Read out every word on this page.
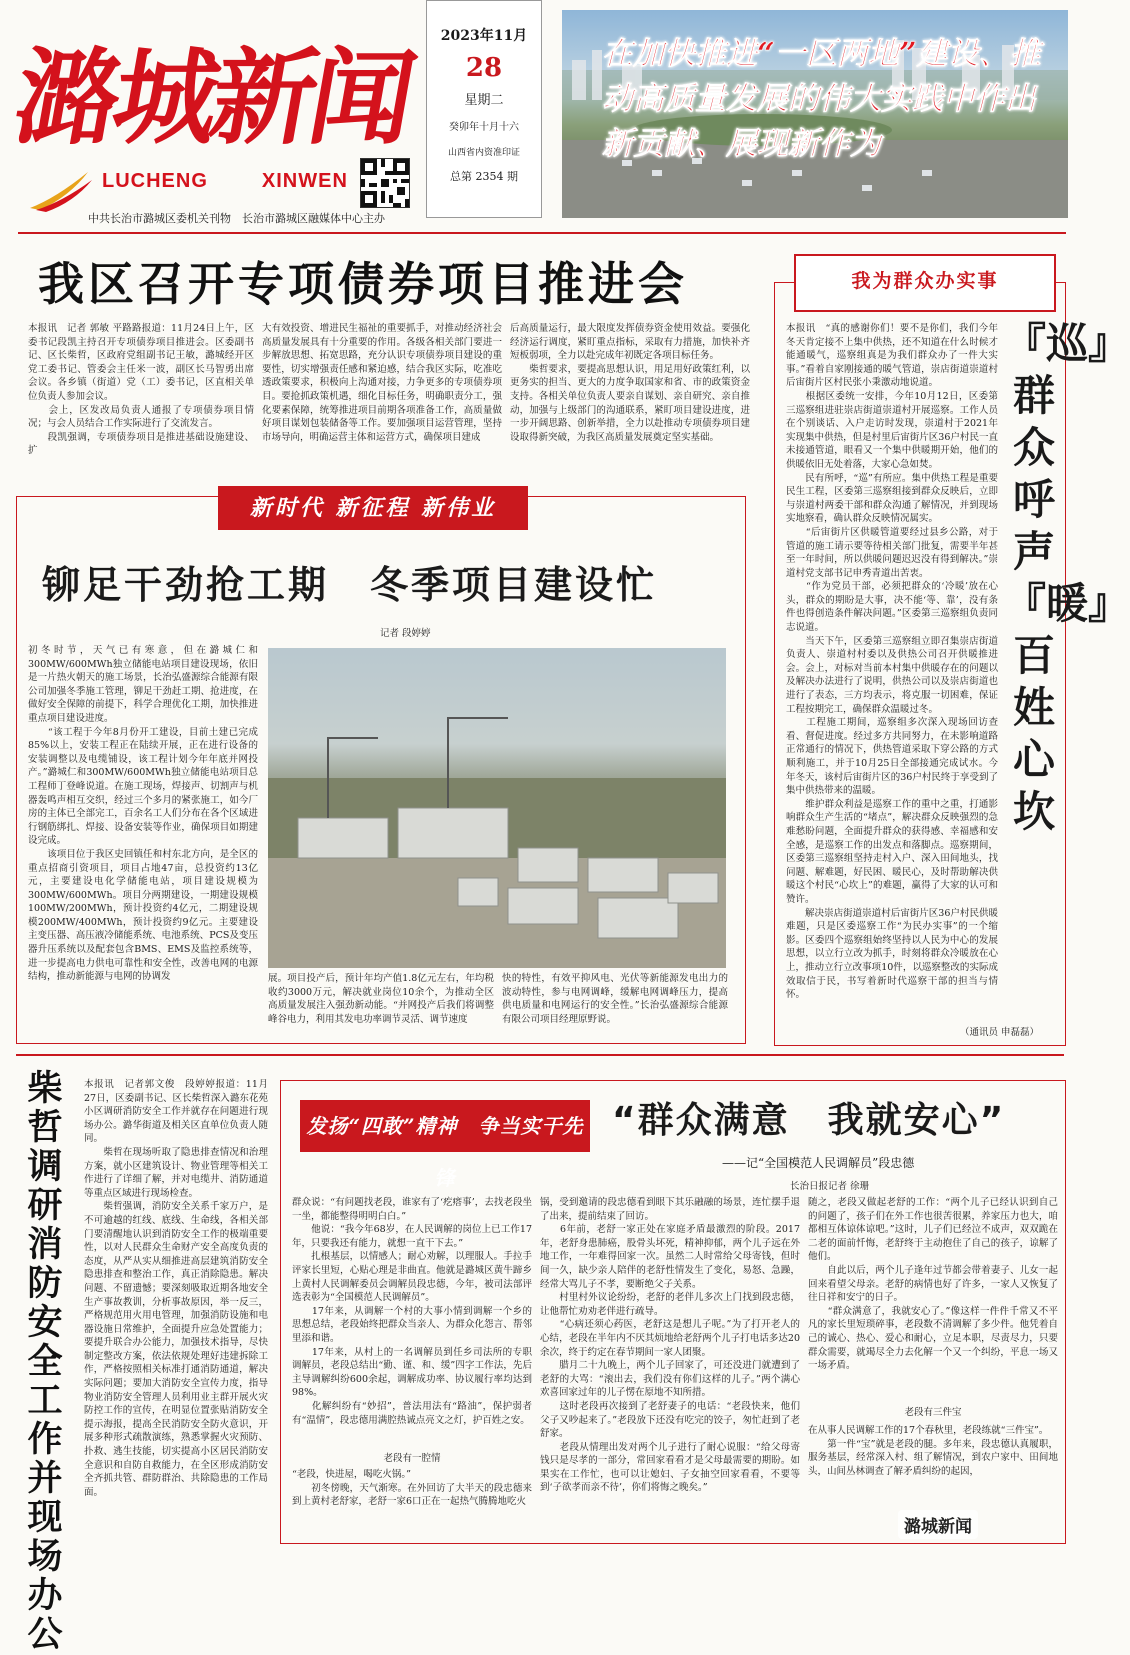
潞
城
新
闻
LUCHENG	XINWEN
中共长治市潞城区委机关刊物　长治市潞城区融媒体中心主办
2023年11月
28
星期二
癸卯年十月十六
山西省内资准印证
总第 2354 期
在加快推进“一区两地”建设、推动高质量发展的伟大实践中作出新贡献、展现新作为
我区召开专项债券项目推进会
本报讯　记者 郭敏 平路路报道：11月24日上午，区委书记段凯主持召开专项债券项目推进会。区委副书记、区长柴哲，区政府党组副书记王敏，潞城经开区党工委书记、管委会主任米一波，副区长马智勇出席会议。各乡镇（街道）党（工）委书记，区直相关单位负责人参加会议。
　　会上，区发改局负责人通报了专项债券项目情况；与会人员结合工作实际进行了交流发言。
　　段凯强调，专项债券项目是推进基础设施建设、扩
大有效投资、增进民生福祉的重要抓手，对推动经济社会高质量发展具有十分重要的作用。各级各相关部门要进一步解放思想、拓宽思路，充分认识专项债券项目建设的重要性，切实增强责任感和紧迫感，结合我区实际，吃准吃透政策要求，积极向上沟通对接，力争更多的专项债券项目。要抢抓政策机遇，细化目标任务，明确职责分工，强化要素保障，统筹推进项目前期各项准备工作，高质量做好项目谋划包装储备等工作。要加强项目运营管理，坚持市场导向，明确运营主体和运营方式，确保项目建成
后高质量运行，最大限度发挥债券资金使用效益。要强化经济运行调度，紧盯重点指标，采取有力措施，加快补齐短板弱项，全力以赴完成年初既定各项目标任务。
　　柴哲要求，要提高思想认识，用足用好政策红利，以更务实的担当、更大的力度争取国家和省、市的政策资金支持。各相关单位负责人要亲自谋划、亲自研究、亲自推动，加强与上级部门的沟通联系，紧盯项目建设进度，进一步开阔思路、创新举措，全力以赴推动专项债券项目建设取得新突破，为我区高质量发展奠定坚实基础。
新时代 新征程 新伟业
铆足干劲抢工期　冬季项目建设忙
记者 段婷婷
初冬时节，天气已有寒意，但在潞城仁和300MW/600MWh独立储能电站项目建设现场，依旧是一片热火朝天的施工场景，长治弘盛源综合能源有限公司加强冬季施工管理，铆足干劲赶工期、抢进度，在做好安全保障的前提下，科学合理优化工期，加快推进重点项目建设进度。
　　“该工程于今年8月份开工建设，目前土建已完成85%以上，安装工程正在陆续开展，正在进行设备的安装调整以及电缆铺设，该工程计划今年年底并网投产。”潞城仁和300MW/600MWh独立储能电站项目总工程师丁登峰说道。在施工现场，焊接声、切割声与机器轰鸣声相互交织，经过三个多月的紧张施工，如今厂房的主体已全部完工，百余名工人们分布在各个区域进行钢筋绑扎、焊接、设备安装等作业，确保项目如期建设完成。
　　该项目位于我区史回镇任和村东北方向，是全区的重点招商引资项目，项目占地47亩，总投资约13亿元，主要建设电化学储能电站，项目建设规模为300MW/600MWh。项目分两期建设，一期建设规模100MW/200MWh，预计投资约4亿元，二期建设规模200MW/400MWh，预计投资约9亿元。主要建设主变压器、高压液冷储能系统、电池系统、PCS及变压器升压系统以及配套包含BMS、EMS及监控系统等，进一步提高电力供电可靠性和安全性，改善电网的电源结构，推动新能源与电网的协调发	展。项目投产后，预计年均产值1.8亿元左右，年均税收约3000万元，解决就业岗位10余个，为推动全区高质量发展注入强劲新动能。“并网投产后我们将调整峰谷电力，利用其发电功率调节灵活、调节速度
快的特性，有效平抑风电、光伏等新能源发电出力的波动特性，参与电网调峰，缓解电网调峰压力，提高供电质量和电网运行的安全性。”长治弘盛源综合能源有限公司项目经理原野说。
我为群众办实事
『巡』群众呼声　『暖』百姓心坎
本报讯　“真的感谢你们！要不是你们，我们今年冬天肯定接不上集中供热，还不知道在什么时候才能通暖气，巡察组真是为我们群众办了一件大实事。”看着自家刚接通的暖气管道，崇店街道崇道村后宙街片区村民张小秉激动地说道。
　　根据区委统一安排，今年10月12日，区委第三巡察组进驻崇店街道崇道村开展巡察。工作人员在个别谈话、入户走访时发现，崇道村于2021年实现集中供热，但是村里后宙街片区36户村民一直未接通管道，眼看又一个集中供暖期开始，他们的供暖依旧无处着落，大家心急如焚。
　　民有所呼，“巡”有所应。集中供热工程是重要民生工程，区委第三巡察组接到群众反映后，立即与崇道村两委干部和群众沟通了解情况，并到现场实地察看，确认群众反映情况属实。
　　“后宙街片区供暖管道要经过县乡公路，对于管道的施工请示要等待相关部门批复，需要半年甚至一年时间，所以供暖问题迟迟没有得到解决。”崇道村党支部书记申秀青道出苦衷。
　　“作为党员干部，必须把群众的‘冷暖’放在心头，群众的期盼是大事，决不能‘等、靠’，没有条件也得创造条件解决问题。”区委第三巡察组负责同志说道。
　　当天下午，区委第三巡察组立即召集崇店街道负责人、崇道村村委以及供热公司召开供暖推进会。会上，对标对当前本村集中供暖存在的问题以及解决办法进行了说明，供热公司以及崇店街道也进行了表态，三方均表示，将克服一切困难，保证工程按期完工，确保群众温暖过冬。
　　工程施工期间，巡察组多次深入现场回访查看、督促进度。经过多方共同努力，在未影响道路正常通行的情况下，供热管道采取下穿公路的方式顺利施工，并于10月25日全部接通完成试水。今年冬天，该村后宙街片区的36户村民终于享受到了集中供热带来的温暖。
　　维护群众利益是巡察工作的重中之重，打通影响群众生产生活的“堵点”，解决群众反映强烈的急难愁盼问题，全面提升群众的获得感、幸福感和安全感，是巡察工作的出发点和落脚点。巡察期间，区委第三巡察组坚持走村入户、深入田间地头，找问题、解难题，好民困、暖民心，及时帮助解决供暖这个村民“心坎上”的难题，赢得了大家的认可和赞许。
　　解决崇店街道崇道村后宙街片区36户村民供暖难题，只是区委巡察工作“为民办实事”的一个缩影。区委四个巡察组始终坚持以人民为中心的发展思想，以立行立改为抓手，时刻将群众冷暖放在心上，推动立行立改事项10件，以巡察整改的实际成效取信于民，书写着新时代巡察干部的担当与情怀。
（通讯员 申磊磊）
柴哲调研消防安全工作并现场办公
本报讯　记者郭文俊　段婷婷报道：11月27日，区委副书记、区长柴哲深入潞东花苑小区调研消防安全工作并就存在问题进行现场办公。潞华街道及相关区直单位负责人随同。
　　柴哲在现场听取了隐患排查情况和治理方案，就小区建筑设计、物业管理等相关工作进行了详细了解，并对电缆井、消防通道等重点区域进行现场检查。
　　柴哲强调，消防安全关系千家万户，是不可逾越的红线、底线、生命线，各相关部门要清醒地认识到消防安全工作的极端重要性，以对人民群众生命财产安全高度负责的态度，从严从实从细推进高层建筑消防安全隐患排查和整治工作，真正消除隐患。解决问题、不留遗憾；要深刻吸取近期各地安全生产事故教训，分析事故原因，举一反三，严格规范用火用电管理，加强消防设施和电器设施日常维护，全面提升应急处置能力；要提升联合办公能力，加强技术指导，尽快制定整改方案，依法依规处理好违建拆除工作，严格按照相关标准打通消防通道，解决实际问题；要加大消防安全宣传力度，指导物业消防安全管理人员利用业主群开展火灾防控工作的宣传，在明显位置张贴消防安全提示海报，提高全民消防安全防火意识，开展多种形式疏散演练，熟悉掌握火灾预防、扑救、逃生技能，切实提高小区居民消防安全意识和自防自救能力，在全区形成消防安全齐抓共管、群防群治、共除隐患的工作局面。
发扬“四敢”精神　争当实干先锋
“群众满意　我就安心”
——记“全国模范人民调解员”段忠德
长治日报记者 徐珊
群众说：“有问题找老段，谁家有了‘疙瘩事’，去找老段坐一坐，都能整得明明白白。”
　　他说：“我今年68岁，在人民调解的岗位上已工作17年，只要我还有能力，就想一直干下去。”
　　扎根基层，以情感人；耐心劝解，以理服人。手拉手评家长里短，心贴心理是非曲直。他就是潞城区黄牛蹄乡上黄村人民调解委员会调解员段忠德，今年，被司法部评选表彰为“全国模范人民调解员”。
　　17年来，从调解一个村的大事小情到调解一个乡的思想总结，老段始终把群众当亲人、为群众化怨言、帮邻里添和谐。
　　17年来，从村上的一名调解员到任乡司法所的专职调解员，老段总结出“勤、谨、和、缓”四字工作法，先后主导调解纠纷600余起，调解成功率、协议履行率均达到98%。
　　化解纠纷有“妙招”，普法用法有“路油”，保护弱者有“温情”，段忠德用满腔热诚点亮文之灯，护百姓之安。
老段有一腔情
“老段，快进屋，喝吃火锅。”
　　初冬傍晚，天气渐寒。在外回访了大半天的段忠德来到上黄村老舒家，老舒一家6口正在一起热气腾腾地吃火
锅，受到邀请的段忠德看到眼下其乐融融的场景，连忙摆手退了出来，提前结束了回访。
　　6年前，老舒一家正处在家庭矛盾最激烈的阶段。2017年，老舒身患肺癌，股骨头坏死，精神抑郁，两个儿子远在外地工作，一年难得回家一次。虽然二人时常给父母寄钱，但时间一久，缺少亲人陪伴的老舒性情发生了变化，易怒、急躁，经常大骂儿子不孝，要断绝父子关系。
　　村里村外议论纷纷，老舒的老伴儿多次上门找到段忠德，让他帮忙劝劝老伴进行疏导。
　　“心病还须心药医，老舒这是想儿子呢。”为了打开老人的心结，老段在半年内不厌其烦地给老舒两个儿子打电话多达20余次，终于约定在春节期间一家人团聚。
　　腊月二十九晚上，两个儿子回家了，可还没进门就遭到了老舒的大骂：“滚出去，我们没有你们这样的儿子。”两个满心欢喜回家过年的儿子愣在原地不知所措。
　　这时老段再次接到了老舒妻子的电话：“老段快来，他们父子又吵起来了。”老段放下还没有吃完的饺子，匆忙赶到了老舒家。
　　老段从情理出发对两个儿子进行了耐心说服：“给父母寄钱只是尽孝的一部分，常回家看看才是父母最需要的期盼。如果实在工作忙，也可以让媳妇、子女抽空回家看看，不要等到‘子欲孝而亲不待’，你们将悔之晚矣。”
随之，老段又做起老舒的工作：“两个儿子已经认识到自己的问题了，孩子们在外工作也很苦很累，养家压力也大，咱都相互体谅体谅吧。”这时，儿子们已经泣不成声，双双跪在二老的面前忏悔，老舒终于主动抱住了自己的孩子，谅解了他们。
　　自此以后，两个儿子逢年过节都会带着妻子、儿女一起回来看望父母亲。老舒的病情也好了许多，一家人又恢复了往日祥和安宁的日子。
　　“群众满意了，我就安心了。”像这样一件件千常又不平凡的家长里短琐碎事，老段数不清调解了多少件。他凭着自己的诚心、热心、爱心和耐心，立足本职，尽责尽力，只要群众需要，就竭尽全力去化解一个又一个纠纷，平息一场又一场矛盾。
老段有三件宝
在从事人民调解工作的17个春秋里，老段练就“三件宝”。
　　第一件“宝”就是老段的腿。多年来，段忠德认真履职，服务基层，经常深入村、组了解情况，到农户家中、田间地头，山间丛林调查了解矛盾纠纷的起因，
潞城新闻
